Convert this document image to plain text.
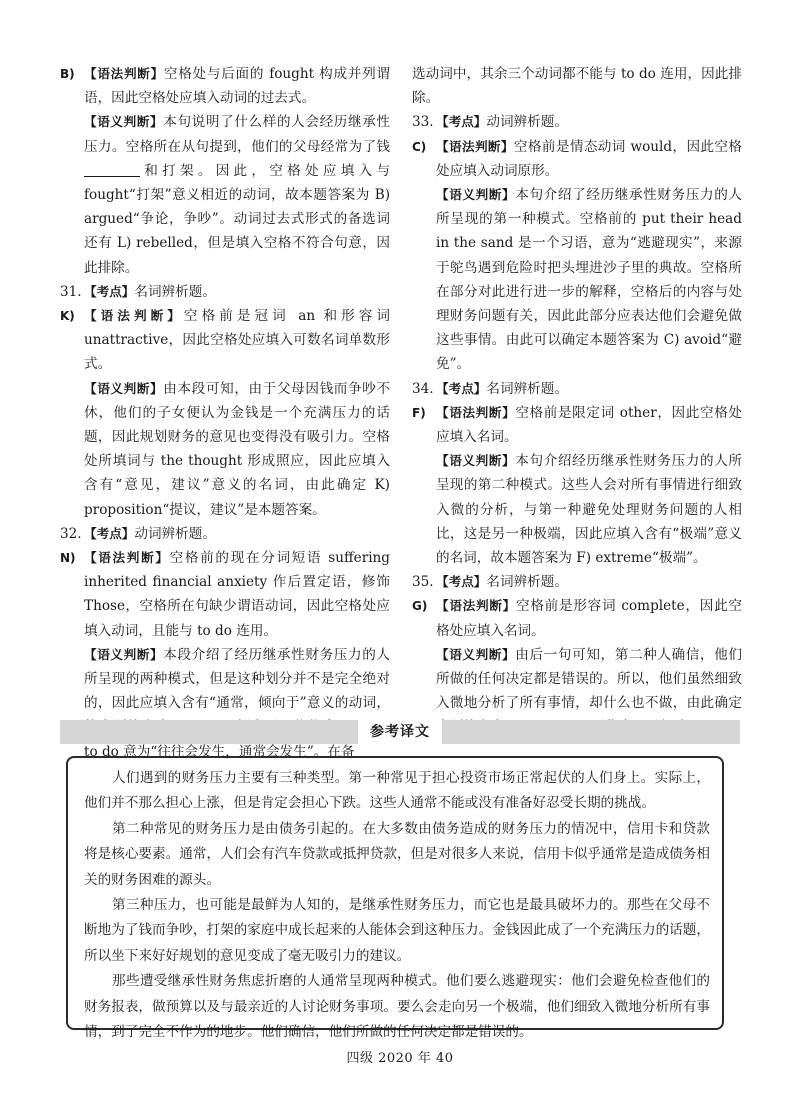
B) 【语法判断】空格处与后面的 fought 构成并列谓语，因此空格处应填入动词的过去式。
【语义判断】本句说明了什么样的人会经历继承性压力。空格所在从句提到，他们的父母经常为了钱和打架。因此，空格处应填入与 fought“打架”意义相近的动词，故本题答案为 B) argued“争论，争吵”。动词过去式形式的备选词还有 L) rebelled，但是填入空格不符合句意，因此排除。
31. 【考点】名词辨析题。
K) 【语法判断】空格前是冠词 an 和形容词 unattractive，因此空格处应填入可数名词单数形式。
【语义判断】由本段可知，由于父母因钱而争吵不休，他们的子女便认为金钱是一个充满压力的话题，因此规划财务的意见也变得没有吸引力。空格处所填词与 the thought 形成照应，因此应填入含有“意见，建议”意义的名词，由此确定 K) proposition“提议，建议”是本题答案。
32. 【考点】动词辨析题。
N) 【语法判断】空格前的现在分词短语 suffering inherited financial anxiety 作后置定语，修饰 Those，空格所在句缺少谓语动词，因此空格处应填入动词，且能与 to do 连用。
【语义判断】本段介绍了经历继承性财务压力的人所呈现的两种模式，但是这种划分并不是完全绝对的，因此应填入含有“通常，倾向于”意义的动词， to do 意为“往往会发生，通常会发生”。在备
选动词中，其余三个动词都不能与 to do 连用，因此排除。
33. 【考点】动词辨析题。
C) 【语法判断】空格前是情态动词 would，因此空格处应填入动词原形。
【语义判断】本句介绍了经历继承性财务压力的人所呈现的第一种模式。空格前的 put their head in the sand 是一个习语，意为“逃避现实”，来源于鸵鸟遇到危险时把头埋进沙子里的典故。空格所在部分对此进行进一步的解释，空格后的内容与处理财务问题有关，因此此部分应表达他们会避免做这些事情。由此可以确定本题答案为 C) avoid“避免”。
34. 【考点】名词辨析题。
F) 【语法判断】空格前是限定词 other，因此空格处应填入名词。
【语义判断】本句介绍经历继承性财务压力的人所呈现的第二种模式。这些人会对所有事情进行细致入微的分析，与第一种避免处理财务问题的人相比，这是另一种极端，因此应填入含有“极端”意义的名词，故本题答案为 F) extreme“极端”。
35. 【考点】名词辨析题。
G) 【语法判断】空格前是形容词 complete，因此空格处应填入名词。
【语义判断】由后一句可知，第二种人确信，他们所做的任何决定都是错误的。所以，他们虽然细致入微地分析了所有事情，却什么也不做，由此确定
参考译文

人们遇到的财务压力主要有三种类型。第一种常见于担心投资市场正常起伏的人们身上。实际上，他们并不那么担心上涨，但是肯定会担心下跌。这些人通常不能或没有准备好忍受长期的挑战。

第二种常见的财务压力是由债务引起的。在大多数由债务造成的财务压力的情况中，信用卡和贷款将是核心要素。通常，人们会有汽车贷款或抵押贷款，但是对很多人来说，信用卡似乎通常是造成债务相关的财务困难的源头。

第三种压力，也可能是最鲜为人知的，是继承性财务压力，而它也是最具破坏力的。那些在父母不断地为了钱而争吵，打架的家庭中成长起来的人能体会到这种压力。金钱因此成了一个充满压力的话题，所以坐下来好好规划的意见变成了毫无吸引力的建议。

那些遭受继承性财务焦虑折磨的人通常呈现两种模式。他们要么逃避现实：他们会避免检查他们的财务报表，做预算以及与最亲近的人讨论财务事项。要么会走向另一个极端，他们细致入微地分析所有事情，到了完全不作为的地步。他们确信，他们所做的任何决定都是错误的。

四级 2020 年 40
